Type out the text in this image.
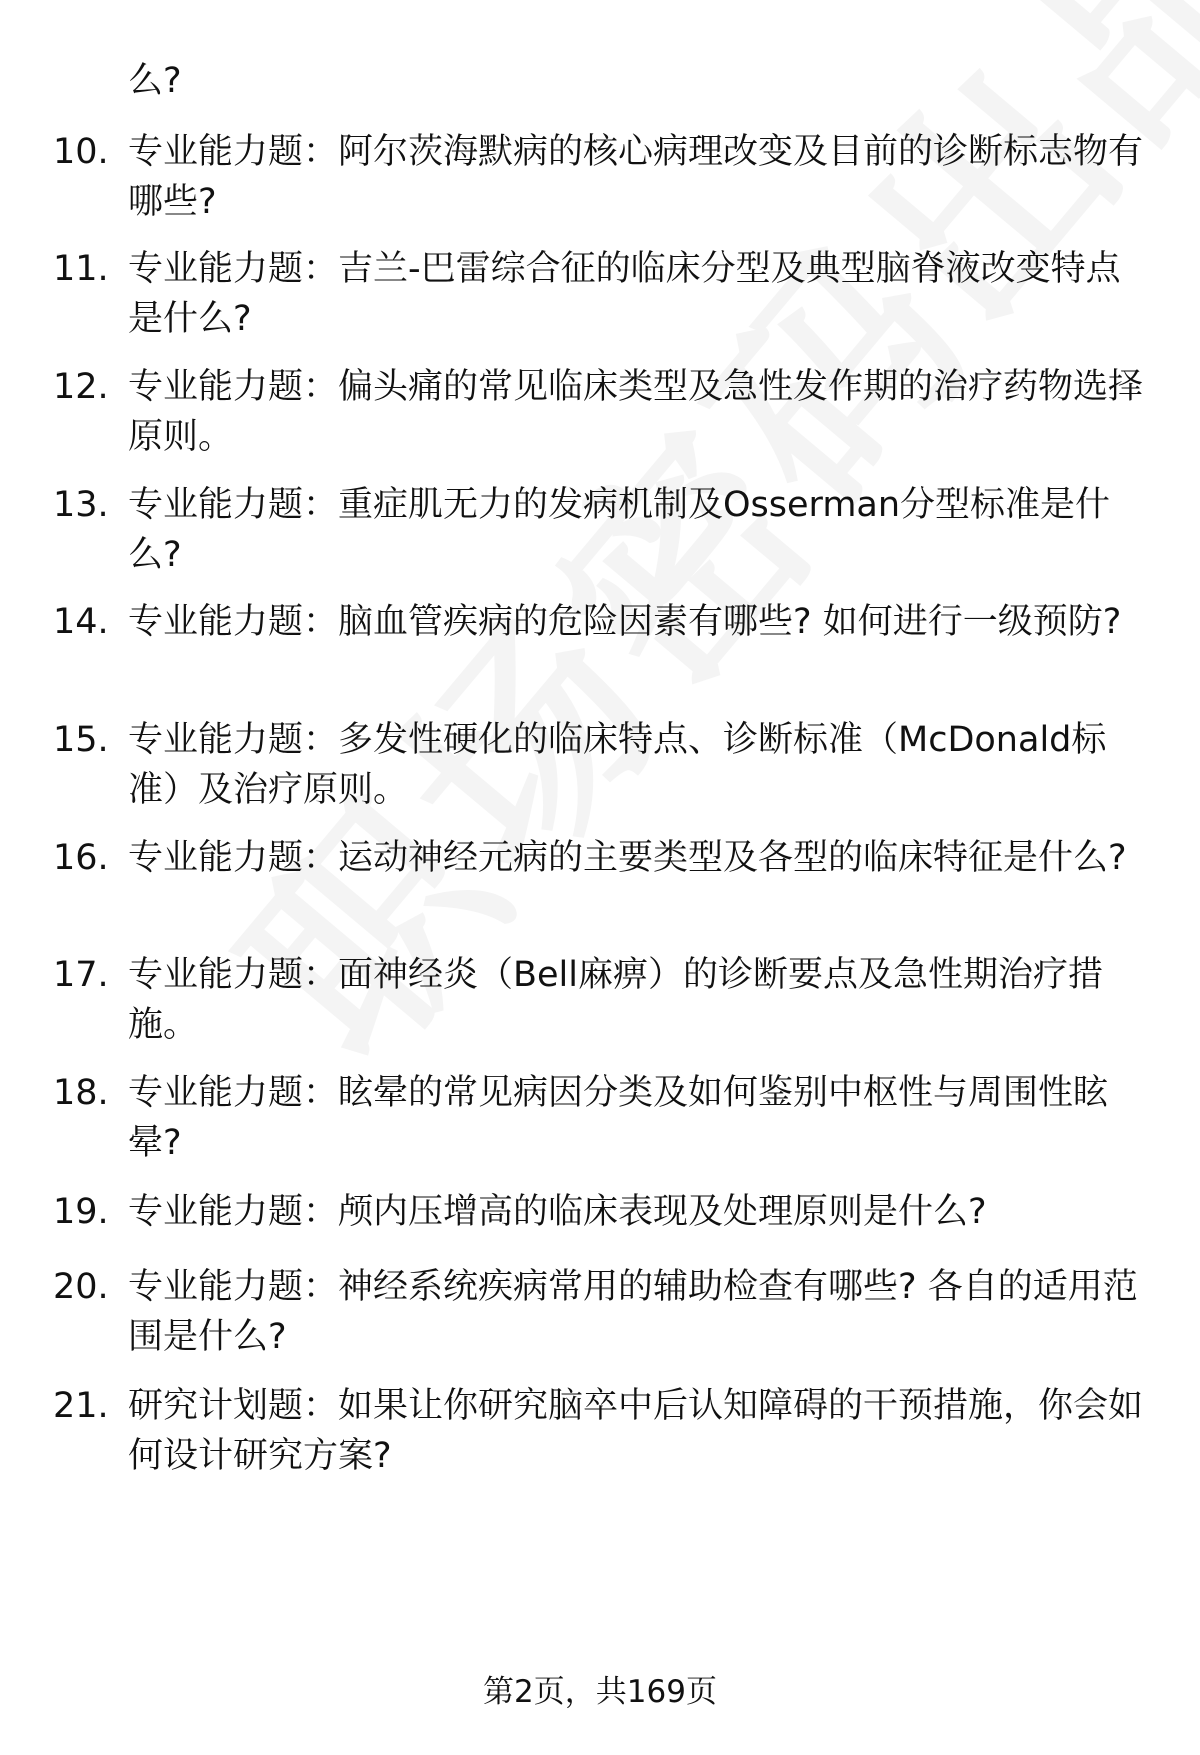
么?
10. 专业能力题：阿尔茨海默病的核心病理改变及目前的诊断标志物有哪些?
11. 专业能力题：吉兰-巴雷综合征的临床分型及典型脑脊液改变特点是什么?
12. 专业能力题：偏头痛的常见临床类型及急性发作期的治疗药物选择原则。
13. 专业能力题：重症肌无力的发病机制及Osserman分型标准是什么?
14. 专业能力题：脑血管疾病的危险因素有哪些? 如何进行一级预防?
15. 专业能力题：多发性硬化的临床特点、诊断标准（McDonald标准）及治疗原则。
16. 专业能力题：运动神经元病的主要类型及各型的临床特征是什么?
17. 专业能力题：面神经炎（Bell麻痹）的诊断要点及急性期治疗措施。
18. 专业能力题：眩晕的常见病因分类及如何鉴别中枢性与周围性眩晕?
19. 专业能力题：颅内压增高的临床表现及处理原则是什么?
20. 专业能力题：神经系统疾病常用的辅助检查有哪些? 各自的适用范围是什么?
21. 研究计划题：如果让你研究脑卒中后认知障碍的干预措施，你会如何设计研究方案?
第2页，共169页
